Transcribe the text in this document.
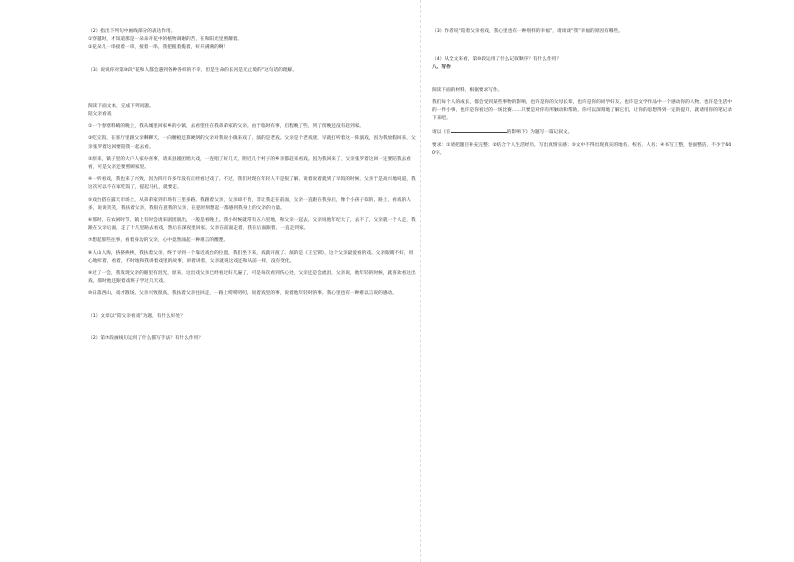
（2）指出下列句中画线部分的表达作用。

①穿越时，才知道那是一朵朵开花中的植物凋谢的苦，在和阳光里照耀着。

②花朵儿一串接着一串，接着一串，我把揽着揽着，好开满满的啊！

（3）说说你对第⑩段“花和人都会遇到各种各样的不幸，但是生命的长河是无止境的”这句话的理解。

阅读下面文本，完成下列问题。

陪父亲看戏

①一个春寒料峭的晚上，我从城里回家乡的小镇，去看望住在我弟弟家的父亲。由于临时有事，启程晚了些，到了傍晚还没有赶到家。

②吃完饭，在客厅里跟父亲聊聊天，一向腰板还算硬朗的父亲对我说小镇来戏了，演的是老戏。父亲是个老戏迷，早就打听着这一阵演戏，因为我放假回来，父亲张罗着这回要陪我一起去看。

③原来，镇子里的大户人家办喜事，请来县剧团唱大戏，一连唱了好几天，附近几个村子的乡亲都赶来看戏。因为我回来了，父亲张罗着这回一定要陪我去看看，可是父亲还要照顾家里。

④一听看戏，我也来了兴致，因为四月许多年没有正经看过戏了。不过，我们对现在年轻人不是很了解，说着说着就到了早饭的时候，父亲于是高兴地说道，我这次可以不在家吃饭了，提起马扎，就要走。

⑤戏台搭在露天市场上，从弟弟家到市场有三里多路。我跟着父亲，父亲却不肯，非让我走在前面，父亲一直跟在我身后，像个小孩子似的，路上，看戏的人多，说说笑笑，我扶着父亲，我很在意我的父亲，在犯时刻想起一都感到我身上的父亲的力量。

⑥那时，在农闲时节，镇上有时会请来剧团演出，一般是看晚上。我小时候就常有五六里地，和父亲一起去，父亲说他年纪大了，去不了，父亲就一个人走，我跟在父亲后面，走了十几里路去看戏，然后在深夜里回家。父亲在前面走着，我在后面跟着，一直走到家。

⑦想起那些往事，看着身边的父亲，心中竟然涌起一种难言的酸楚。

⑧人山人海，挤挤挨挨，我扶着父亲，终于寻到一个靠近戏台的位置，我们坐下来，戏就开演了。演的是《王宝钏》，这个父亲最爱看的戏。父亲眼睛不好，用心地听着，看着，不时地和我讲着戏里的故事，讲着讲着，父亲就说这戏还和从前一样，没有变化。

⑨过了一会，我发现父亲的眼里有泪光，原来，这出戏父亲已经看过好几遍了，可是每次看到伤心处，父亲还是会流泪，父亲说，他年轻的时候，就喜欢看这出戏，那时他还跟着戏班子学过几天戏。

⑩日落西山，戏才散场。父亲兴致很高，我扶着父亲往回走，一路上唠唠叨叨，说着戏里的事，说着他年轻时的事。我心里也有一种难以言说的感动。

（1）文章以“陪父亲看戏”为题，有什么好处？

（2）第⑦段画线句运用了什么描写手法？有什么作用？

（3）作者说“陪着父亲看戏，我心里也有一种别样的幸福”，请谈谈“我”幸福的原因有哪些。

（4）从全文来看，第⑩段运用了什么记叙顺序？有什么作用？

八、写作

阅读下面的材料，根据要求写作。

我们每个人的成长，都会受到某些事物的影响，也许是你的父母长辈，也许是你的同学好友，也许是文学作品中一个感动你的人物，也许是生活中的一件小事，也许是你看过的一场比赛……只要是对你有所触动和帮助，你可以深刻地了解它们，让你的思想得到一定的提升，就请用你的笔记录下来吧。

请以《在	的影响下》为题写一篇记叙文。

要求：①请把题目补充完整；②结合个人生活经历，写出真情实感；③文中不得出现真实的地名、校名、人名；④书写工整，卷面整洁，不少于600字。
